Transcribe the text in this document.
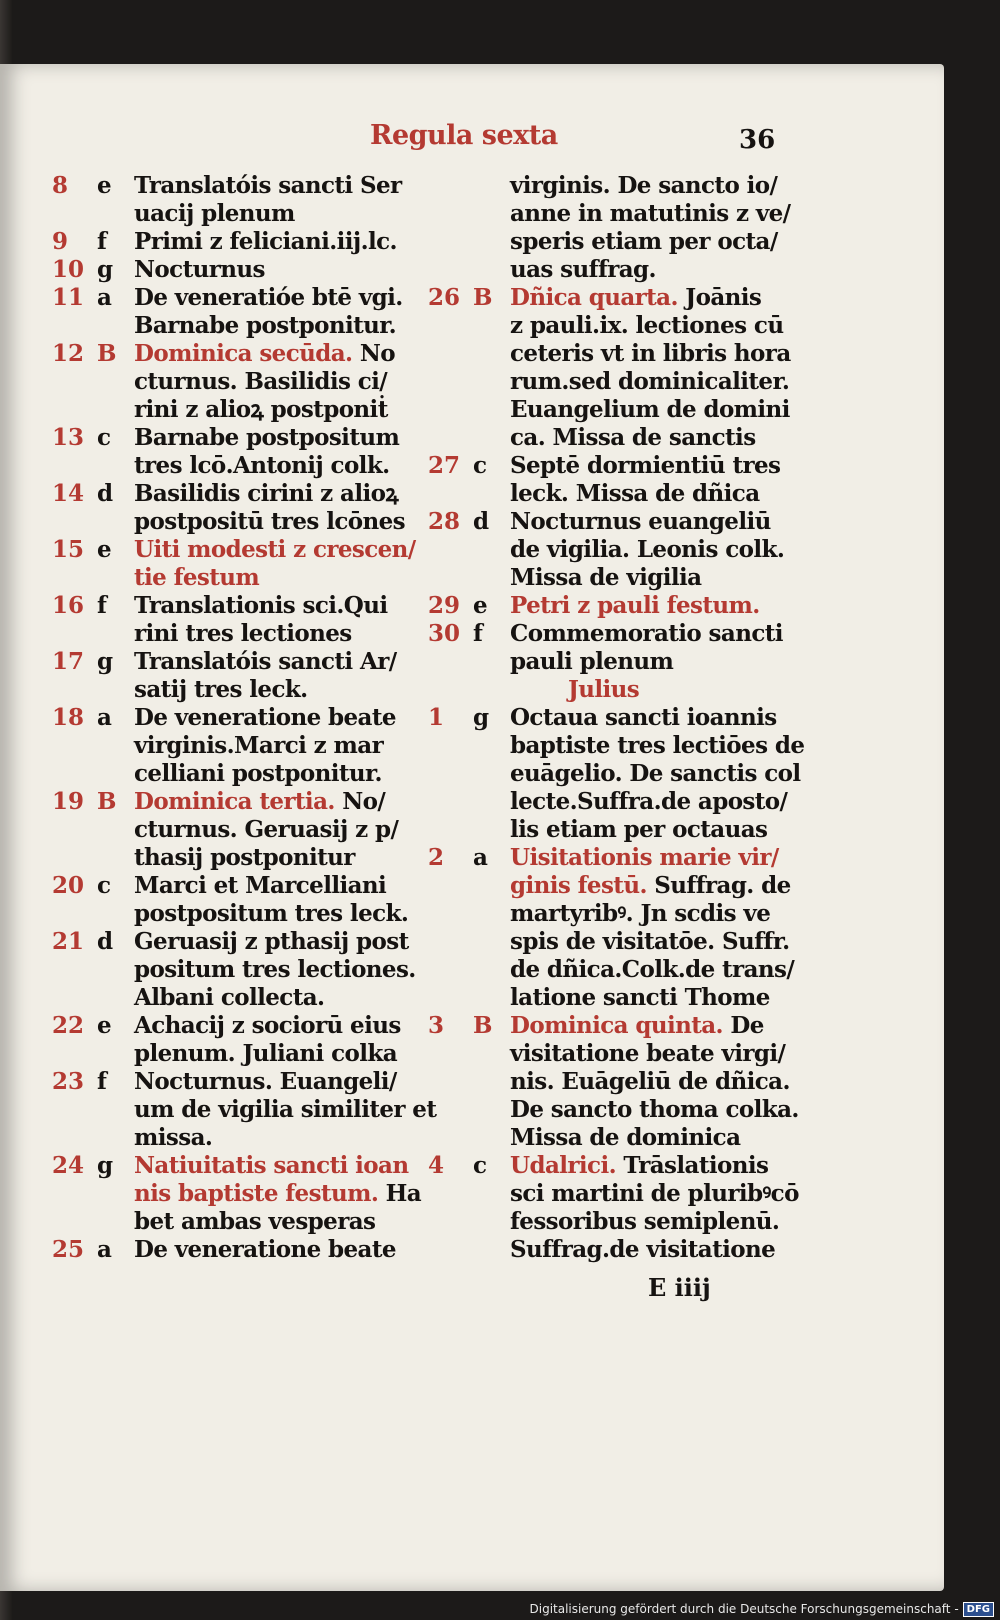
Regula sexta	36
8	e Translatóis sancti Ser
uacij plenum
9	f	Primi z feliciani.iij.lc.
10 g Nocturnus
11 a De veneratióe btē vgi.
Barnabe postponitur.
12 B Dominica secūda. No
cturnus. Basilidis ci/
rini z alioꝝ postponiṫ
13 c Barnabe postpositum
tres lcō.Antonij colk.
14 d Basilidis cirini z alioꝝ
postpositū tres lcōnes
15 e Uiti modesti z crescen/
tie festum
16 f	Translationis sci.Qui
rini tres lectiones
17 g Translatóis sancti Ar/
satij tres leck.
18 a De veneratione beate
virginis.Marci z mar
celliani postponitur.
19 B Dominica tertia. No/
cturnus. Geruasij z p/
thasij postponitur
20 c Marci et Marcelliani
postpositum tres leck.
21 d Geruasij z pthasij post
positum tres lectiones.
Albani collecta.
22 e Achacij z sociorū eius
plenum. Juliani colka
23 f	Nocturnus. Euangeli/
um de vigilia similiter et
missa.
24 g Natiuitatis sancti ioan
nis baptiste festum. Ha
bet ambas vesperas
25 a De veneratione beate
virginis. De sancto io/
anne in matutinis z ve/
speris etiam per octa/
uas suffrag.
26 B Dñica quarta. Joānis
z pauli.ix. lectiones cū
ceteris vt in libris hora
rum.sed dominicaliter.
Euangelium de domini
ca. Missa de sanctis
27 c Septē dormientiū tres
leck. Missa de dñica
28 d Nocturnus euangeliū
de vigilia. Leonis colk.
Missa de vigilia
29 e Petri z pauli festum.
30 f	Commemoratio sancti
pauli plenum
Julius
1	g Octaua sancti ioannis
baptiste tres lectiōes de
euāgelio. De sanctis col
lecte.Suffra.de aposto/
lis etiam per octauas
2	a Uisitationis marie vir/
ginis festū. Suffrag. de
martyribꝰ. Jn scdis ve
spis de visitatōe. Suffr.
de dñica.Colk.de trans/
latione sancti Thome
3	B Dominica quinta. De
visitatione beate virgi/
nis. Euāgeliū de dñica.
De sancto thoma colka.
Missa de dominica
4	c Udalrici. Trāslationis
sci martini de pluribꝰcō
fessoribus semiplenū.
Suffrag.de visitatione
E iiij
Digitalisierung gefördert durch die Deutsche Forschungsgemeinschaft - DFG
